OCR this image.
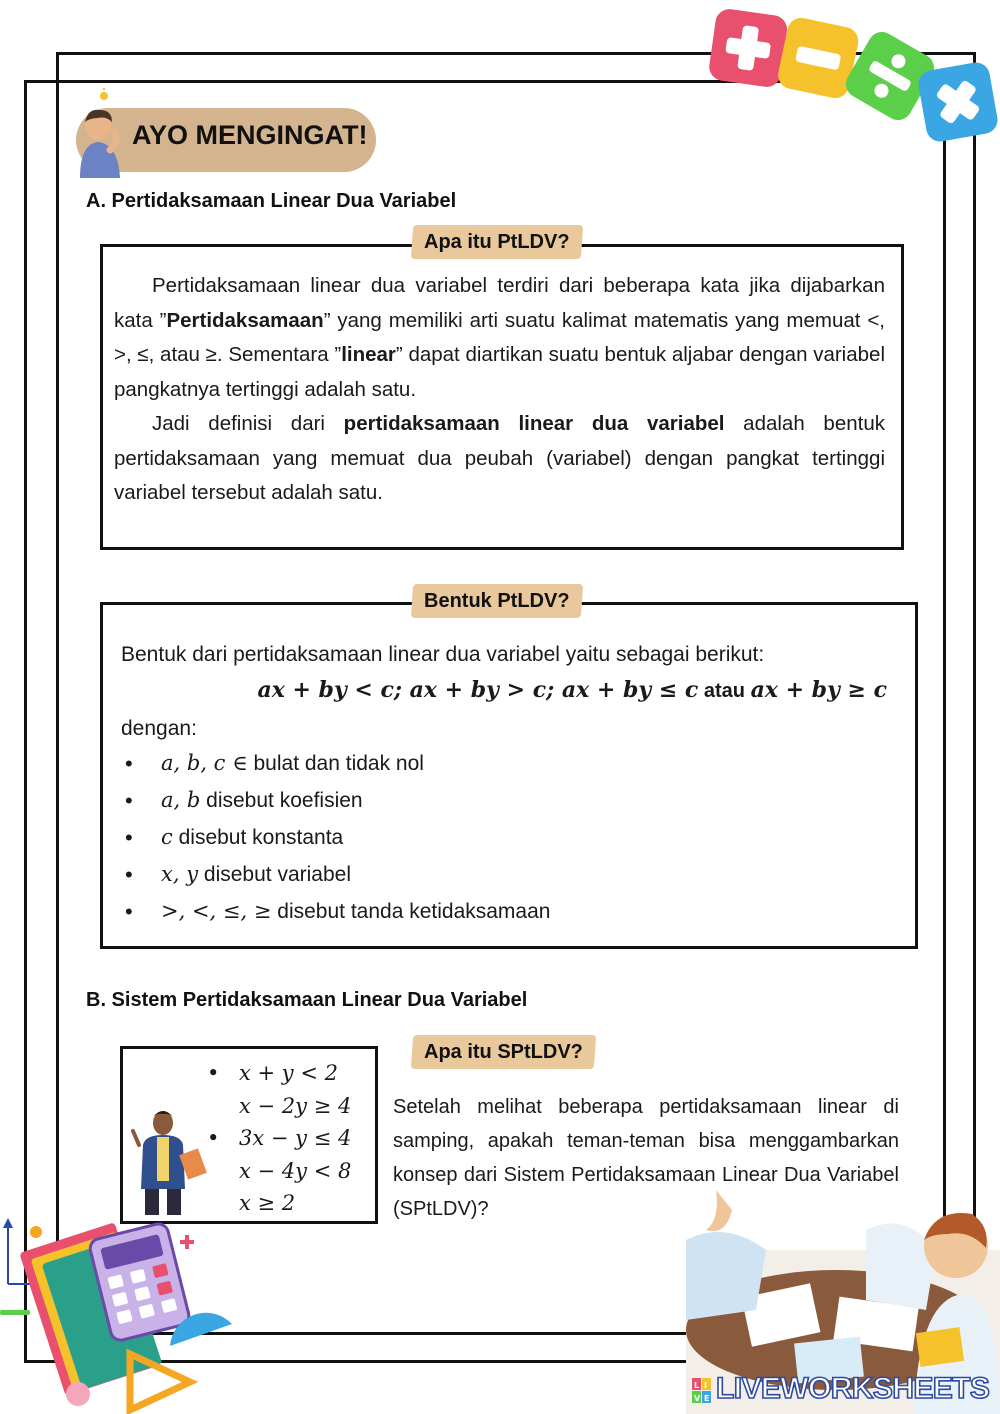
AYO MENGINGAT!
A. Pertidaksamaan Linear Dua Variabel

Pertidaksamaan linear dua variabel terdiri dari beberapa kata jika dijabarkan kata ”Pertidaksamaan” yang memiliki arti suatu kalimat matematis yang memuat <, >, ≤, atau ≥. Sementara ”linear” dapat diartikan suatu bentuk aljabar dengan variabel pangkatnya tertinggi adalah satu.

Jadi definisi dari pertidaksamaan linear dua variabel adalah bentuk pertidaksamaan yang memuat dua peubah (variabel) dengan pangkat tertinggi variabel tersebut adalah satu.

Apa itu PtLDV?

Bentuk dari pertidaksamaan linear dua variabel yaitu sebagai berikut:

ax + by < c; ax + by > c; ax + by ≤ c atau ax + by ≥ c

dengan:

• a, b, c ∈ bulat dan tidak nol
• a, b disebut koefisien
• c disebut konstanta
• x, y disebut variabel
• >, <, ≤, ≥ disebut tanda ketidaksamaan
Bentuk PtLDV?
B. Sistem Pertidaksamaan Linear Dua Variabel
• x + y < 2
x − 2y ≥ 4
• 3x − y ≤ 4
x − 4y < 8
x ≥ 2
Apa itu SPtLDV?

Setelah melihat beberapa pertidaksamaan linear di samping, apakah teman-teman bisa menggambarkan konsep dari Sistem Pertidaksamaan Linear Dua Variabel (SPtLDV)?

L I
V E LIVEWORKSHEETS
